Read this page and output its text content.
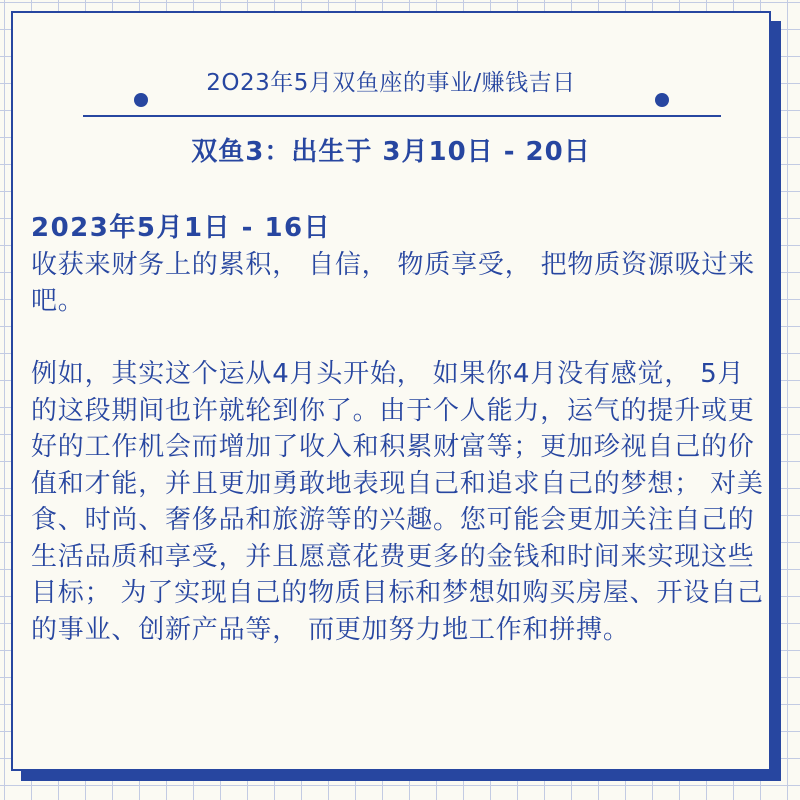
2O23年5月双鱼座的事业/赚钱吉日
双鱼3：出生于 3月10日 - 20日
2023年5月1日 - 16日

收获来财务上的累积， 自信， 物质享受， 把物质资源吸过来吧。

例如，其实这个运从4月头开始， 如果你4月没有感觉， 5月的这段期间也许就轮到你了。由于个人能力，运气的提升或更好的工作机会而增加了收入和积累财富等；更加珍视自己的价值和才能，并且更加勇敢地表现自己和追求自己的梦想； 对美食、时尚、奢侈品和旅游等的兴趣。您可能会更加关注自己的生活品质和享受，并且愿意花费更多的金钱和时间来实现这些目标； 为了实现自己的物质目标和梦想如购买房屋、开设自己的事业、创新产品等， 而更加努力地工作和拼搏。
